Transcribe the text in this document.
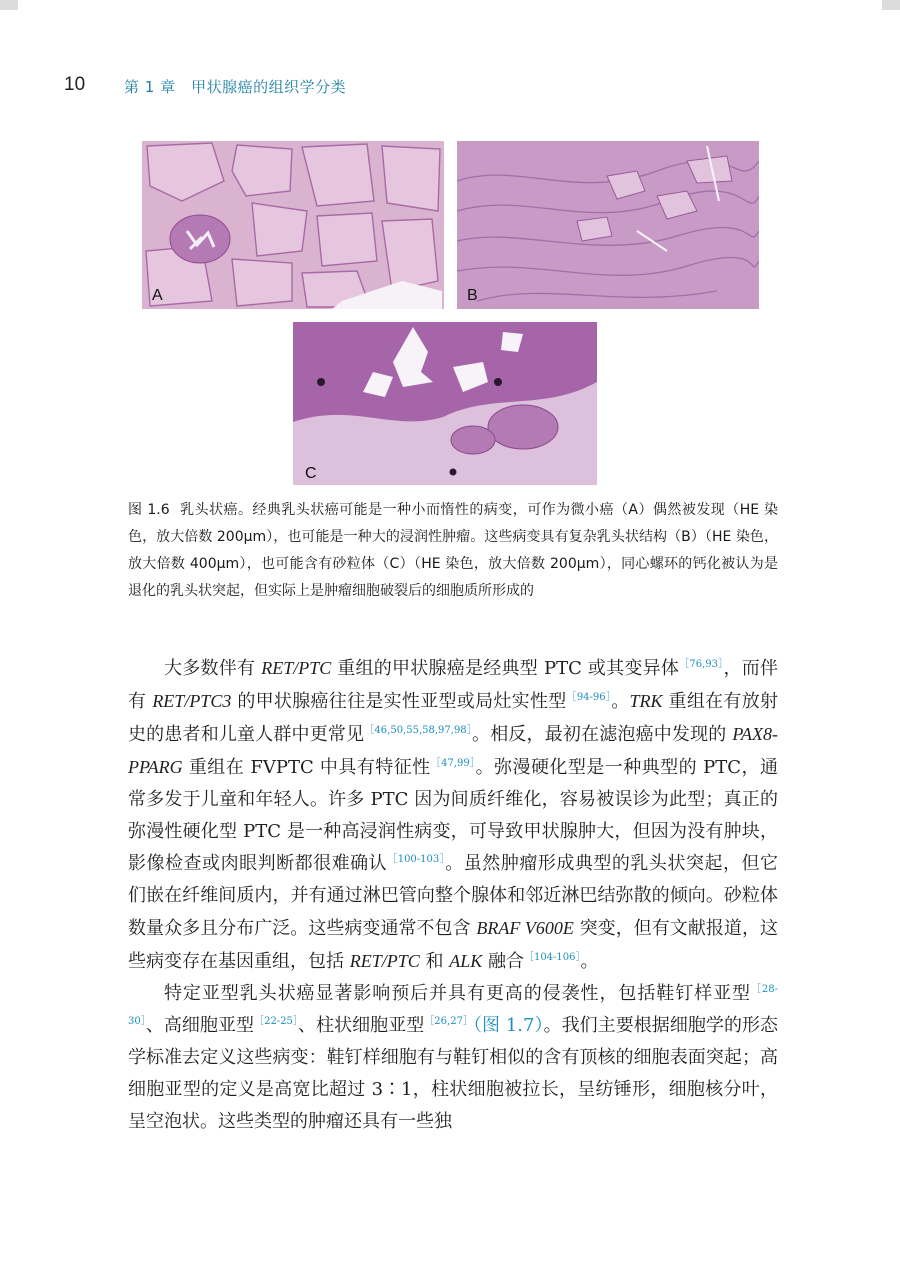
10	第 1 章　甲状腺癌的组织学分类
A	B
C
图 1.6 乳头状癌。经典乳头状癌可能是一种小而惰性的病变，可作为微小癌（A）偶然被发现（HE 染色，放大倍数 200μm），也可能是一种大的浸润性肿瘤。这些病变具有复杂乳头状结构（B）（HE 染色，放大倍数 400μm），也可能含有砂粒体（C）（HE 染色，放大倍数 200μm），同心螺环的钙化被认为是退化的乳头状突起，但实际上是肿瘤细胞破裂后的细胞质所形成的

大多数伴有 RET/PTC 重组的甲状腺癌是经典型 PTC 或其变异体$^{[76,93]}$，而伴有 RET/PTC3 的甲状腺癌往往是实性亚型或局灶实性型$^{[94-96]}$。TRK 重组在有放射史的患者和儿童人群中更常见$^{[46,50,55,58,97,98]}$。相反，最初在滤泡癌中发现的 PAX8-PPARG 重组在 FVPTC 中具有特征性$^{[47,99]}$。弥漫硬化型是一种典型的 PTC，通常多发于儿童和年轻人。许多 PTC 因为间质纤维化，容易被误诊为此型；真正的弥漫性硬化型 PTC 是一种高浸润性病变，可导致甲状腺肿大，但因为没有肿块，影像检查或肉眼判断都很难确认$^{[100-103]}$。虽然肿瘤形成典型的乳头状突起，但它们嵌在纤维间质内，并有通过淋巴管向整个腺体和邻近淋巴结弥散的倾向。砂粒体数量众多且分布广泛。这些病变通常不包含 BRAF V600E 突变，但有文献报道，这些病变存在基因重组，包括 RET/PTC 和 ALK 融合$^{[104-106]}$。

特定亚型乳头状癌显著影响预后并具有更高的侵袭性，包括鞋钉样亚型$^{[28-30]}$、高细胞亚型$^{[22-25]}$、柱状细胞亚型$^{[26,27]}$（图 1.7）。我们主要根据细胞学的形态学标准去定义这些病变：鞋钉样细胞有与鞋钉相似的含有顶核的细胞表面突起；高细胞亚型的定义是高宽比超过 3∶1，柱状细胞被拉长，呈纺锤形，细胞核分叶，呈空泡状。这些类型的肿瘤还具有一些独
